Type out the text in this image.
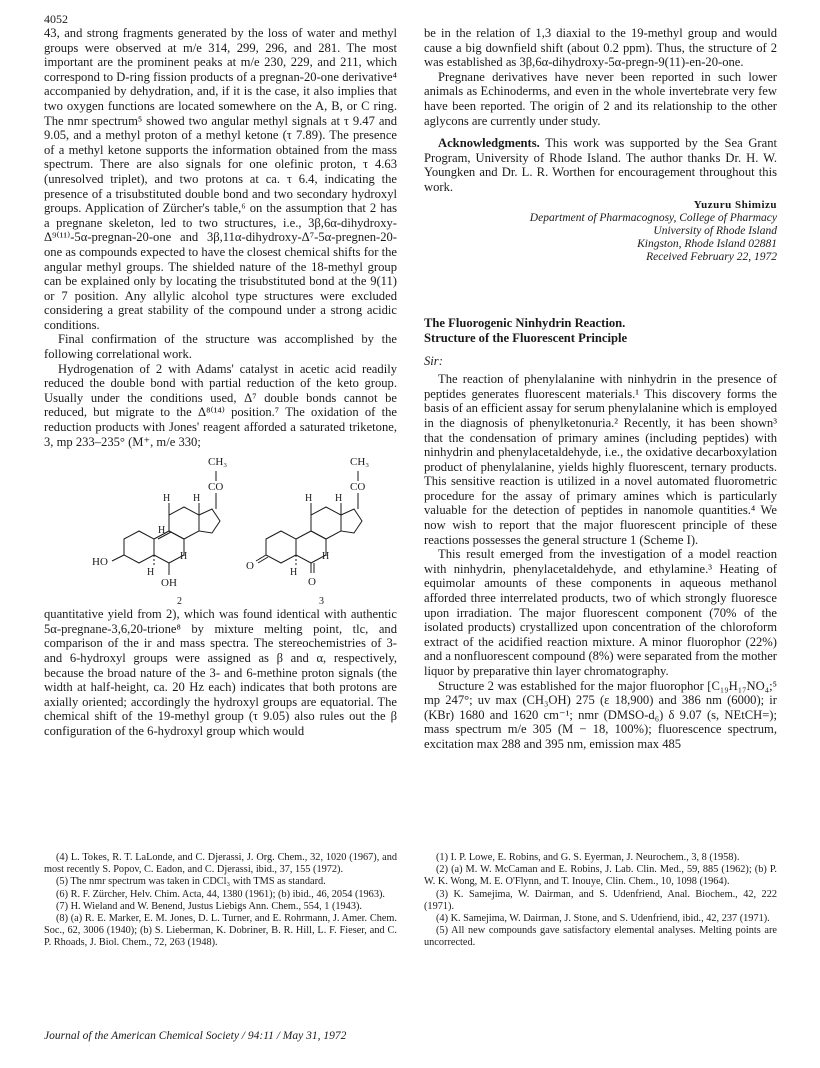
4052

43, and strong fragments generated by the loss of water and methyl groups were observed at m/e 314, 299, 296, and 281. The most important are the prominent peaks at m/e 230, 229, and 211, which correspond to D-ring fission products of a pregnan-20-one derivative⁴ accompanied by dehydration, and, if it is the case, it also implies that two oxygen functions are located somewhere on the A, B, or C ring. The nmr spectrum⁵ showed two angular methyl signals at τ 9.47 and 9.05, and a methyl proton of a methyl ketone (τ 7.89). The presence of a methyl ketone supports the information obtained from the mass spectrum. There are also signals for one olefinic proton, τ 4.63 (unresolved triplet), and two protons at ca. τ 6.4, indicating the presence of a trisubstituted double bond and two secondary hydroxyl groups. Application of Zürcher's table,⁶ on the assumption that 2 has a pregnane skeleton, led to two structures, i.e., 3β,6α-dihydroxy-Δ⁹⁽¹¹⁾-5α-pregnan-20-one and 3β,11α-dihydroxy-Δ⁷-5α-pregnen-20-one as compounds expected to have the closest chemical shifts for the angular methyl groups. The shielded nature of the 18-methyl group can be explained only by locating the trisubstituted bond at the 9(11) or 7 position. Any allylic alcohol type structures were excluded considering a great stability of the compound under a strong acidic conditions.

Final confirmation of the structure was accomplished by the following correlational work.

Hydrogenation of 2 with Adams' catalyst in acetic acid readily reduced the double bond with partial reduction of the keto group. Usually under the conditions used, Δ⁷ double bonds cannot be reduced, but migrate to the Δ⁸⁽¹⁴⁾ position.⁷ The oxidation of the reduction products with Jones' reagent afforded a saturated triketone, 3, mp 233–235° (M⁺, m/e 330;

CH₃
CO
H H
H
H
HO
H
OH
2
CH₃
CO
H H
H
O
H
O
3

quantitative yield from 2), which was found identical with authentic 5α-pregnane-3,6,20-trione⁸ by mixture melting point, tlc, and comparison of the ir and mass spectra. The stereochemistries of 3- and 6-hydroxyl groups were assigned as β and α, respectively, because the broad nature of the 3- and 6-methine proton signals (the width at half-height, ca. 20 Hz each) indicates that both protons are axially oriented; accordingly the hydroxyl groups are equatorial. The chemical shift of the 19-methyl group (τ 9.05) also rules out the β configuration of the 6-hydroxyl group which would

be in the relation of 1,3 diaxial to the 19-methyl group and would cause a big downfield shift (about 0.2 ppm). Thus, the structure of 2 was established as 3β,6α-dihydroxy-5α-pregn-9(11)-en-20-one.

Pregnane derivatives have never been reported in such lower animals as Echinoderms, and even in the whole invertebrate very few have been reported. The origin of 2 and its relationship to the other aglycons are currently under study.

Acknowledgments. This work was supported by the Sea Grant Program, University of Rhode Island. The author thanks Dr. H. W. Youngken and Dr. L. R. Worthen for encouragement throughout this work.

Yuzuru Shimizu
Department of Pharmacognosy, College of Pharmacy
University of Rhode Island
Kingston, Rhode Island 02881
Received February 22, 1972
The Fluorogenic Ninhydrin Reaction.
Structure of the Fluorescent Principle
Sir:

The reaction of phenylalanine with ninhydrin in the presence of peptides generates fluorescent materials.¹ This discovery forms the basis of an efficient assay for serum phenylalanine which is employed in the diagnosis of phenylketonuria.² Recently, it has been shown³ that the condensation of primary amines (including peptides) with ninhydrin and phenylacetaldehyde, i.e., the oxidative decarboxylation product of phenylalanine, yields highly fluorescent, ternary products. This sensitive reaction is utilized in a novel automated fluorometric procedure for the assay of primary amines which is particularly valuable for the detection of peptides in nanomole quantities.⁴ We now wish to report that the major fluorescent principle of these reactions possesses the general structure 1 (Scheme I).

This result emerged from the investigation of a model reaction with ninhydrin, phenylacetaldehyde, and ethylamine.³ Heating of equimolar amounts of these components in aqueous methanol afforded three interrelated products, two of which strongly fluoresce upon irradiation. The major fluorescent component (70% of the isolated products) crystallized upon concentration of the chloroform extract of the acidified reaction mixture. A minor fluorophor (22%) and a nonfluorescent compound (8%) were separated from the mother liquor by preparative thin layer chromatography.

Structure 2 was established for the major fluorophor [C₁₉H₁₇NO₄;⁵ mp 247°; uv max (CH₃OH) 275 (ε 18,900) and 386 nm (6000); ir (KBr) 1680 and 1620 cm⁻¹; nmr (DMSO-d₆) δ 9.07 (s, NEtCH=); mass spectrum m/e 305 (M − 18, 100%); fluorescence spectrum, excitation max 288 and 395 nm, emission max 485

(4) L. Tokes, R. T. LaLonde, and C. Djerassi, J. Org. Chem., 32, 1020 (1967), and most recently S. Popov, C. Eadon, and C. Djerassi, ibid., 37, 155 (1972).
(5) The nmr spectrum was taken in CDCl₃ with TMS as standard.
(6) R. F. Zürcher, Helv. Chim. Acta, 44, 1380 (1961); (b) ibid., 46, 2054 (1963).
(7) H. Wieland and W. Benend, Justus Liebigs Ann. Chem., 554, 1 (1943).
(8) (a) R. E. Marker, E. M. Jones, D. L. Turner, and E. Rohrmann, J. Amer. Chem. Soc., 62, 3006 (1940); (b) S. Lieberman, K. Dobriner, B. R. Hill, L. F. Fieser, and C. P. Rhoads, J. Biol. Chem., 72, 263 (1948).
(1) I. P. Lowe, E. Robins, and G. S. Eyerman, J. Neurochem., 3, 8 (1958).
(2) (a) M. W. McCaman and E. Robins, J. Lab. Clin. Med., 59, 885 (1962); (b) P. W. K. Wong, M. E. O'Flynn, and T. Inouye, Clin. Chem., 10, 1098 (1964).
(3) K. Samejima, W. Dairman, and S. Udenfriend, Anal. Biochem., 42, 222 (1971).
(4) K. Samejima, W. Dairman, J. Stone, and S. Udenfriend, ibid., 42, 237 (1971).
(5) All new compounds gave satisfactory elemental analyses. Melting points are uncorrected.
Journal of the American Chemical Society / 94:11 / May 31, 1972
